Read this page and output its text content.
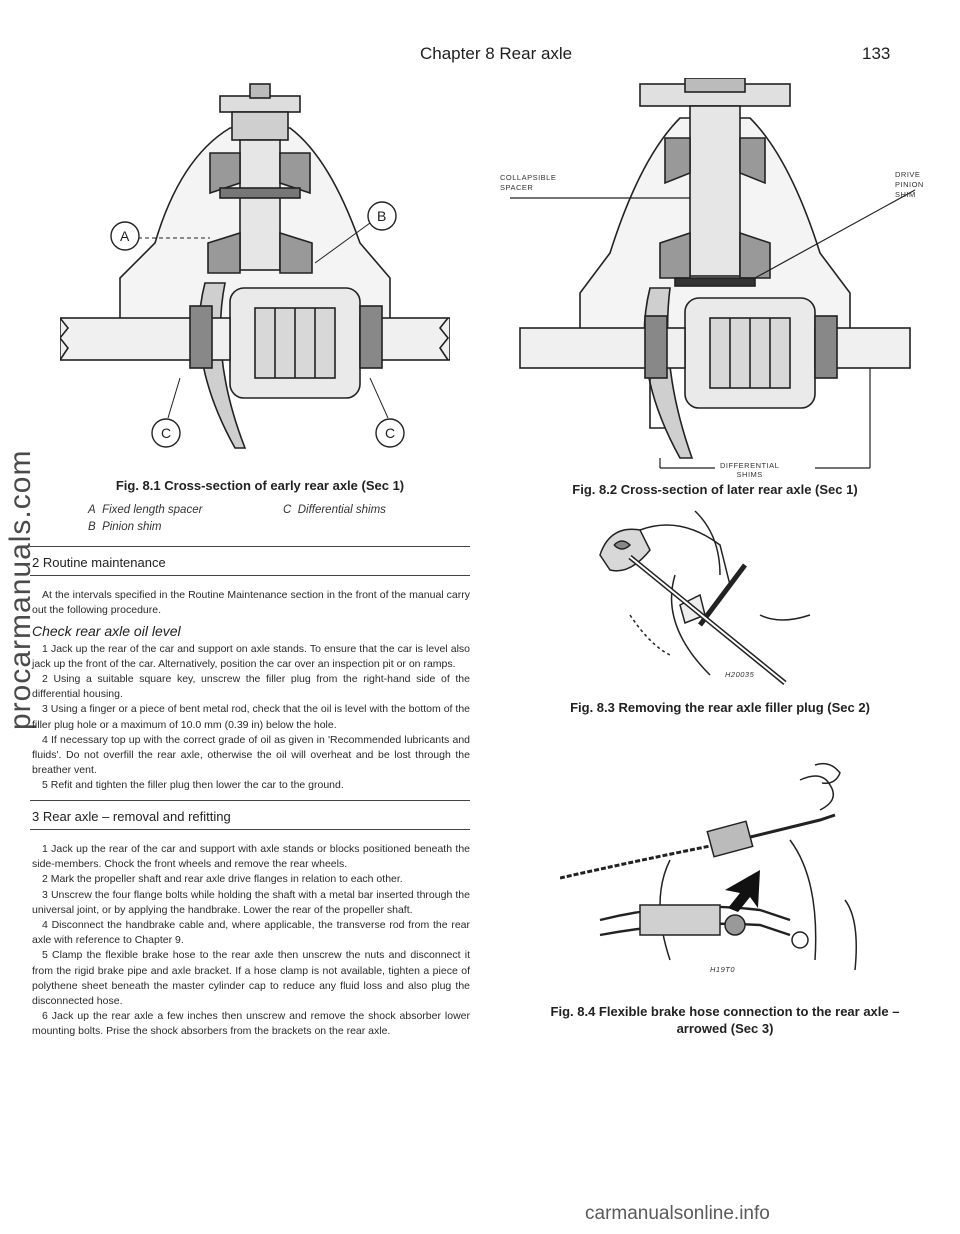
Chapter 8 Rear axle	133
procarmanuals.com
carmanualsonline.info
A
B
C	C
Fig. 8.1 Cross-section of early rear axle (Sec 1)
A Fixed length spacer
B Pinion shim
C Differential shims
2 Routine maintenance

At the intervals specified in the Routine Maintenance section in the front of the manual carry out the following procedure.

Check rear axle oil level

1 Jack up the rear of the car and support on axle stands. To ensure that the car is level also jack up the front of the car. Alternatively, position the car over an inspection pit or on ramps.

2 Using a suitable square key, unscrew the filler plug from the right-hand side of the differential housing.

3 Using a finger or a piece of bent metal rod, check that the oil is level with the bottom of the filler plug hole or a maximum of 10.0 mm (0.39 in) below the hole.

4 If necessary top up with the correct grade of oil as given in 'Recommended lubricants and fluids'. Do not overfill the rear axle, otherwise the oil will overheat and be lost through the breather vent.

5 Refit and tighten the filler plug then lower the car to the ground.

3 Rear axle – removal and refitting

1 Jack up the rear of the car and support with axle stands or blocks positioned beneath the side-members. Chock the front wheels and remove the rear wheels.

2 Mark the propeller shaft and rear axle drive flanges in relation to each other.

3 Unscrew the four flange bolts while holding the shaft with a metal bar inserted through the universal joint, or by applying the handbrake. Lower the rear of the propeller shaft.

4 Disconnect the handbrake cable and, where applicable, the transverse rod from the rear axle with reference to Chapter 9.

5 Clamp the flexible brake hose to the rear axle then unscrew the nuts and disconnect it from the rigid brake pipe and axle bracket. If a hose clamp is not available, tighten a piece of polythene sheet beneath the master cylinder cap to reduce any fluid loss and also plug the disconnected hose.

6 Jack up the rear axle a few inches then unscrew and remove the shock absorber lower mounting bolts. Prise the shock absorbers from the brackets on the rear axle.

COLLAPSIBLE
SPACER
DRIVE
PINION
SHIM
DIFFERENTIAL
SHIMS
Fig. 8.2 Cross-section of later rear axle (Sec 1)
H20035
Fig. 8.3 Removing the rear axle filler plug (Sec 2)
H19T0
Fig. 8.4 Flexible brake hose connection to the rear axle –
arrowed (Sec 3)
